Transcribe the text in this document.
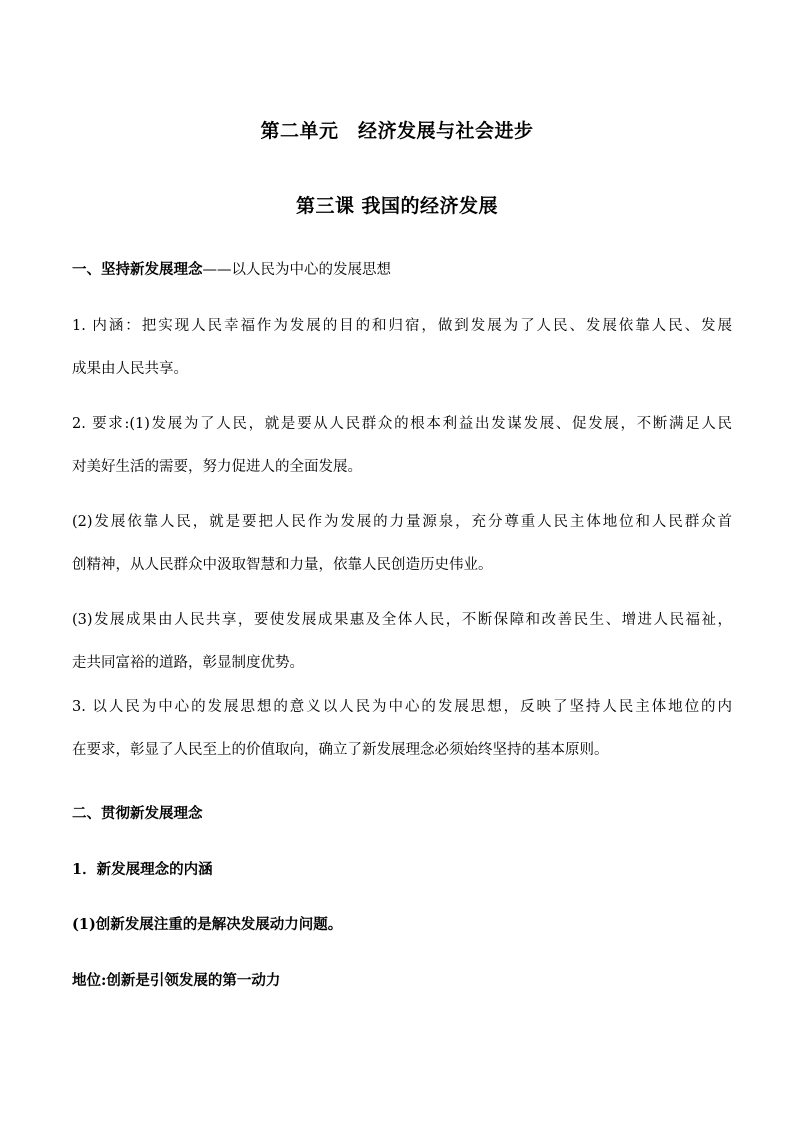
第二单元　经济发展与社会进步
第三课 我国的经济发展
一、坚持新发展理念——以人民为中心的发展思想
1. 内涵：把实现人民幸福作为发展的目的和归宿，做到发展为了人民、发展依靠人民、发展
成果由人民共享。
2. 要求:(1)发展为了人民，就是要从人民群众的根本利益出发谋发展、促发展，不断满足人民
对美好生活的需要，努力促进人的全面发展。
(2)发展依靠人民，就是要把人民作为发展的力量源泉，充分尊重人民主体地位和人民群众首
创精神，从人民群众中汲取智慧和力量，依靠人民创造历史伟业。
(3)发展成果由人民共享，要使发展成果惠及全体人民，不断保障和改善民生、增进人民福祉，
走共同富裕的道路，彰显制度优势。
3. 以人民为中心的发展思想的意义以人民为中心的发展思想，反映了坚持人民主体地位的内
在要求，彰显了人民至上的价值取向，确立了新发展理念必须始终坚持的基本原则。
二、贯彻新发展理念
1．新发展理念的内涵
(1)创新发展注重的是解决发展动力问题。
地位:创新是引领发展的第一动力
